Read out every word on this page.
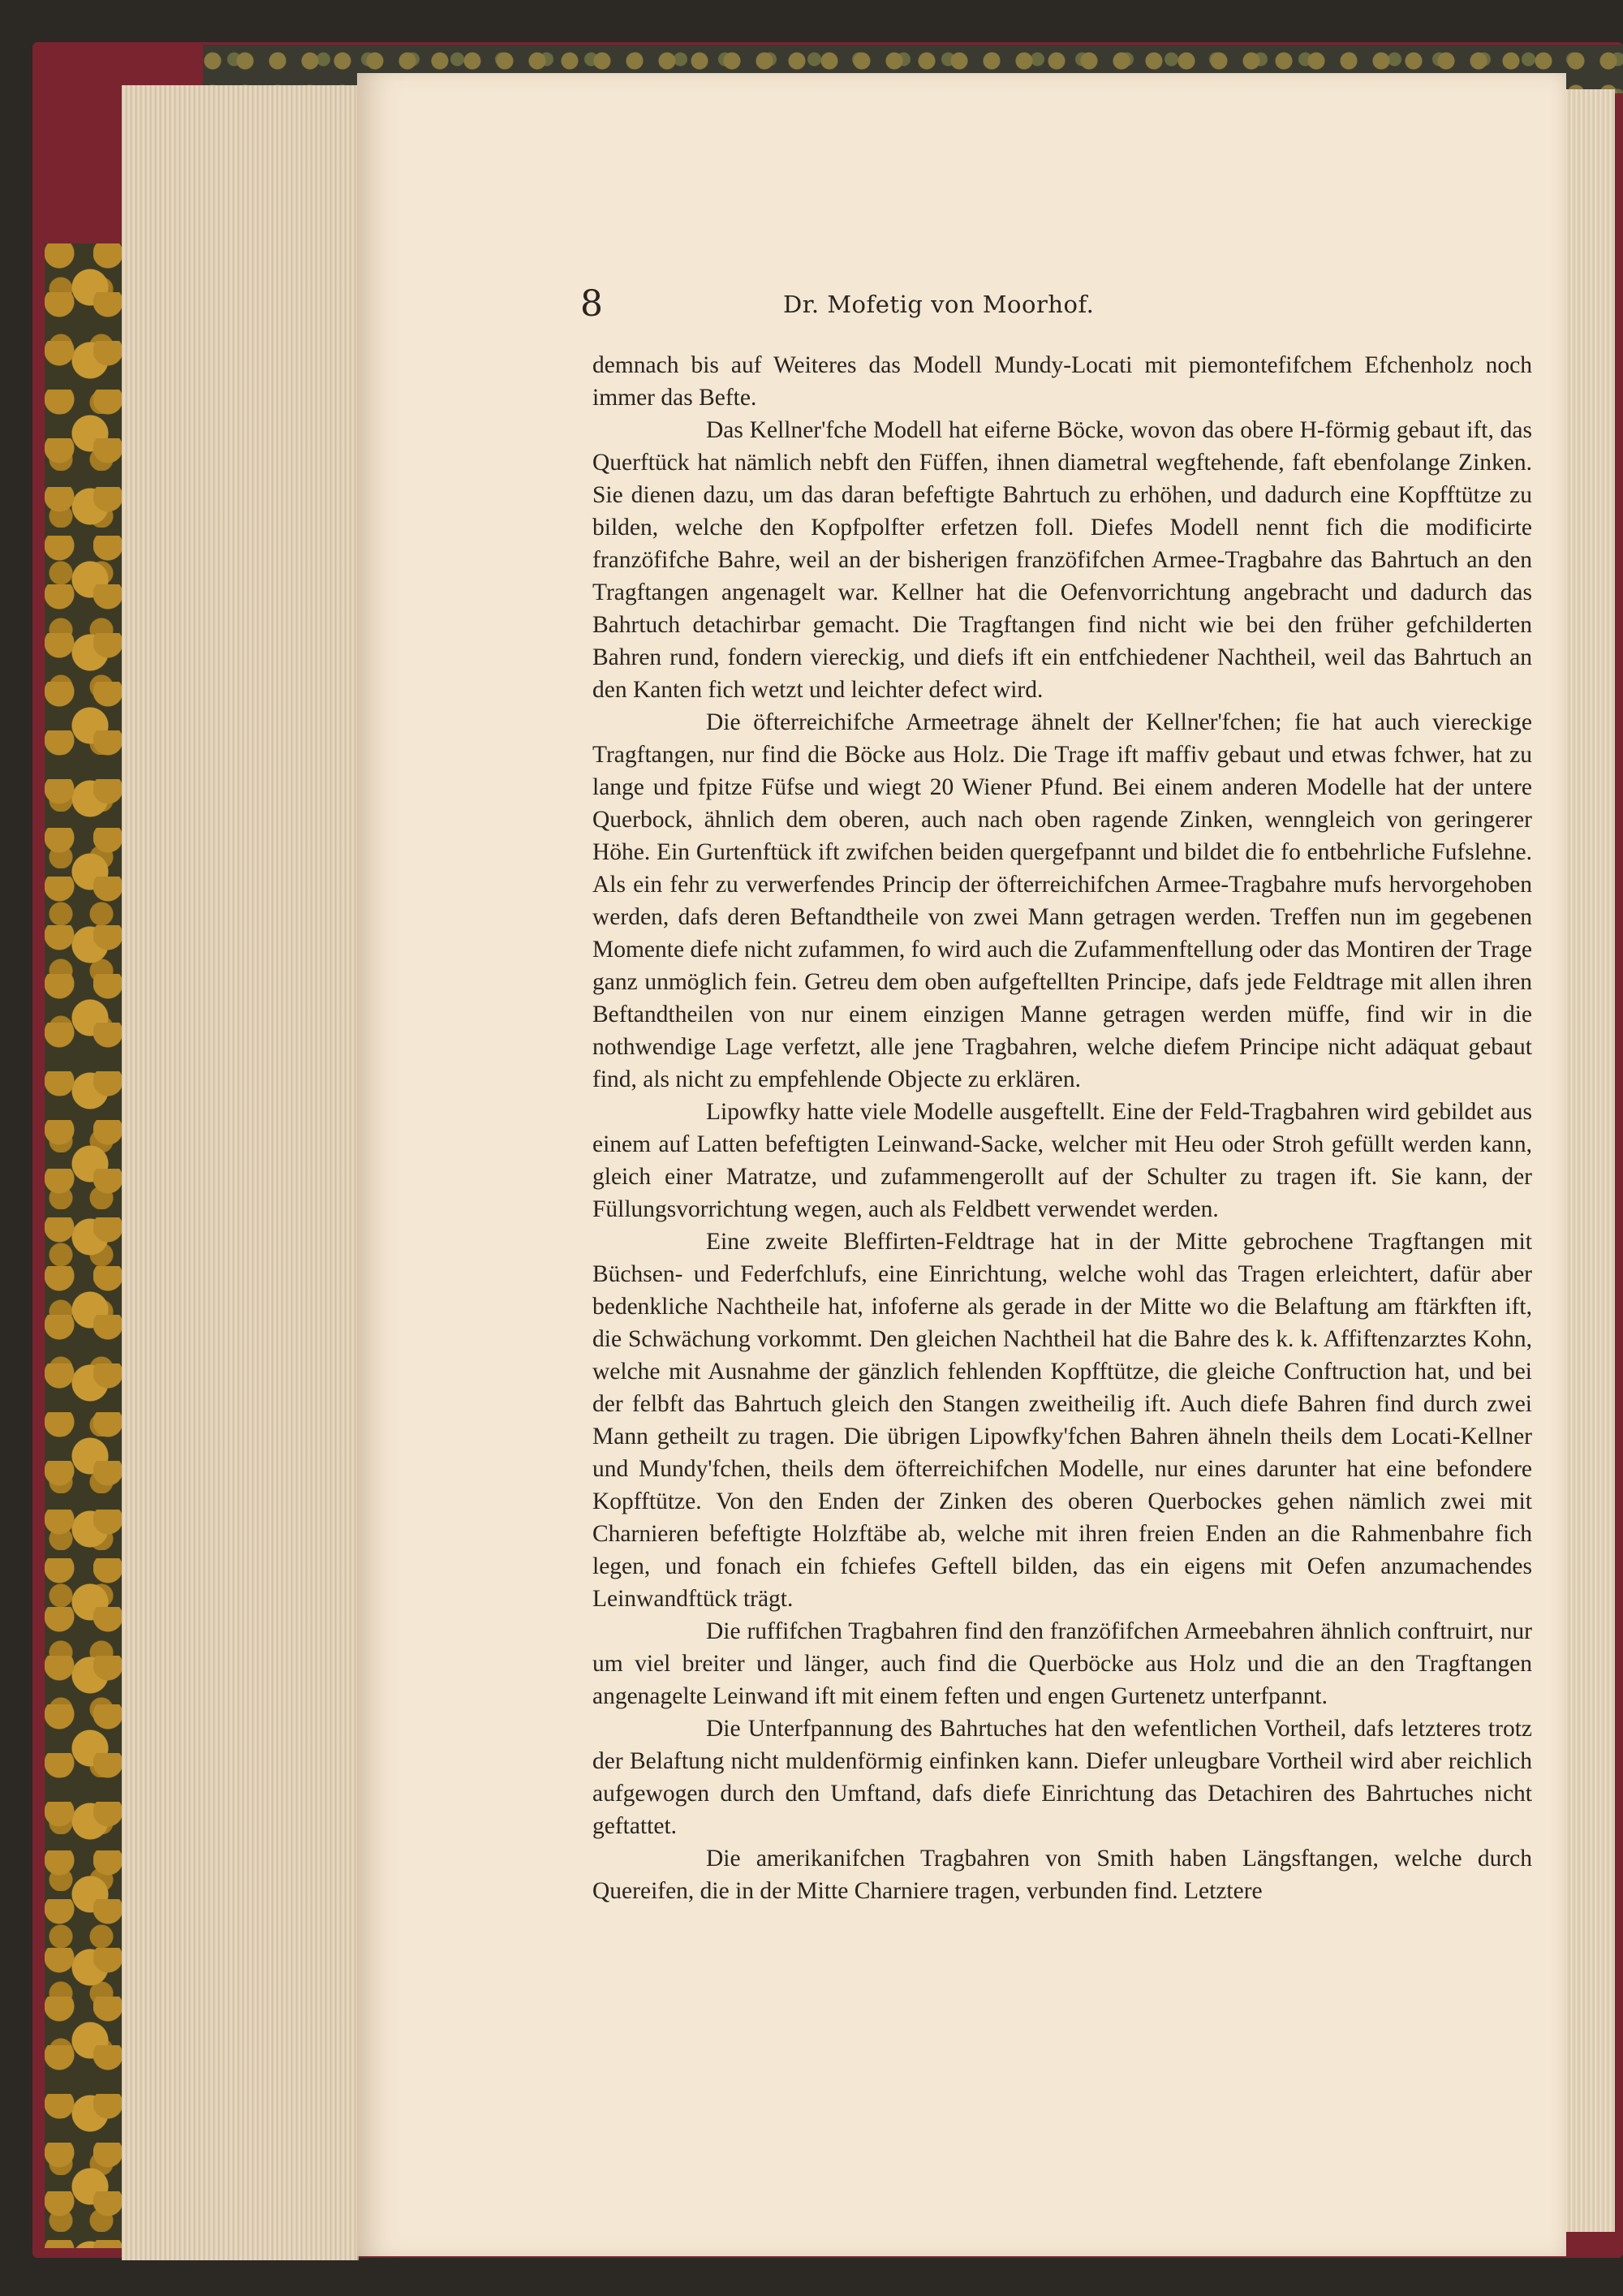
8	Dr. Mofetig von Moorhof.

demnach bis auf Weiteres das Modell Mundy-Locati mit piemontefifchem Efchenholz noch immer das Befte.

Das Kellner'fche Modell hat eiferne Böcke, wovon das obere H-förmig gebaut ift, das Querftück hat nämlich nebft den Füffen, ihnen diametral wegftehende, faft ebenfolange Zinken. Sie dienen dazu, um das daran befeftigte Bahrtuch zu erhöhen, und dadurch eine Kopfftütze zu bilden, welche den Kopfpolfter erfetzen foll. Diefes Modell nennt fich die modificirte franzöfifche Bahre, weil an der bisherigen franzöfifchen Armee-Tragbahre das Bahrtuch an den Tragftangen angenagelt war. Kellner hat die Oefenvorrichtung angebracht und dadurch das Bahrtuch detachirbar gemacht. Die Tragftangen find nicht wie bei den früher gefchilderten Bahren rund, fondern viereckig, und diefs ift ein entfchiedener Nachtheil, weil das Bahrtuch an den Kanten fich wetzt und leichter defect wird.

Die öfterreichifche Armeetrage ähnelt der Kellner'fchen; fie hat auch viereckige Tragftangen, nur find die Böcke aus Holz. Die Trage ift maffiv gebaut und etwas fchwer, hat zu lange und fpitze Füfse und wiegt 20 Wiener Pfund. Bei einem anderen Modelle hat der untere Querbock, ähnlich dem oberen, auch nach oben ragende Zinken, wenngleich von geringerer Höhe. Ein Gurtenftück ift zwifchen beiden quergefpannt und bildet die fo entbehrliche Fufslehne. Als ein fehr zu verwerfendes Princip der öfterreichifchen Armee-Tragbahre mufs hervorgehoben werden, dafs deren Beftandtheile von zwei Mann getragen werden. Treffen nun im gegebenen Momente diefe nicht zufammen, fo wird auch die Zufammenftellung oder das Montiren der Trage ganz unmöglich fein. Getreu dem oben aufgeftellten Principe, dafs jede Feldtrage mit allen ihren Beftandtheilen von nur einem einzigen Manne getragen werden müffe, find wir in die nothwendige Lage verfetzt, alle jene Tragbahren, welche diefem Principe nicht adäquat gebaut find, als nicht zu empfehlende Objecte zu erklären.

Lipowfky hatte viele Modelle ausgeftellt. Eine der Feld-Tragbahren wird gebildet aus einem auf Latten befeftigten Leinwand-Sacke, welcher mit Heu oder Stroh gefüllt werden kann, gleich einer Matratze, und zufammengerollt auf der Schulter zu tragen ift. Sie kann, der Füllungsvorrichtung wegen, auch als Feldbett verwendet werden.

Eine zweite Bleffirten-Feldtrage hat in der Mitte gebrochene Tragftangen mit Büchsen- und Federfchlufs, eine Einrichtung, welche wohl das Tragen erleichtert, dafür aber bedenkliche Nachtheile hat, infoferne als gerade in der Mitte wo die Belaftung am ftärkften ift, die Schwächung vorkommt. Den gleichen Nachtheil hat die Bahre des k. k. Affiftenzarztes Kohn, welche mit Ausnahme der gänzlich fehlenden Kopfftütze, die gleiche Conftruction hat, und bei der felbft das Bahrtuch gleich den Stangen zweitheilig ift. Auch diefe Bahren find durch zwei Mann getheilt zu tragen. Die übrigen Lipowfky'fchen Bahren ähneln theils dem Locati-Kellner und Mundy'fchen, theils dem öfterreichifchen Modelle, nur eines darunter hat eine befondere Kopfftütze. Von den Enden der Zinken des oberen Querbockes gehen nämlich zwei mit Charnieren befeftigte Holzftäbe ab, welche mit ihren freien Enden an die Rahmenbahre fich legen, und fonach ein fchiefes Geftell bilden, das ein eigens mit Oefen anzumachendes Leinwandftück trägt.

Die ruffifchen Tragbahren find den franzöfifchen Armeebahren ähnlich conftruirt, nur um viel breiter und länger, auch find die Querböcke aus Holz und die an den Tragftangen angenagelte Leinwand ift mit einem feften und engen Gurtenetz unterfpannt.

Die Unterfpannung des Bahrtuches hat den wefentlichen Vortheil, dafs letzteres trotz der Belaftung nicht muldenförmig einfinken kann. Diefer unleugbare Vortheil wird aber reichlich aufgewogen durch den Umftand, dafs diefe Einrichtung das Detachiren des Bahrtuches nicht geftattet.

Die amerikanifchen Tragbahren von Smith haben Längsftangen, welche durch Quereifen, die in der Mitte Charniere tragen, verbunden find. Letztere
